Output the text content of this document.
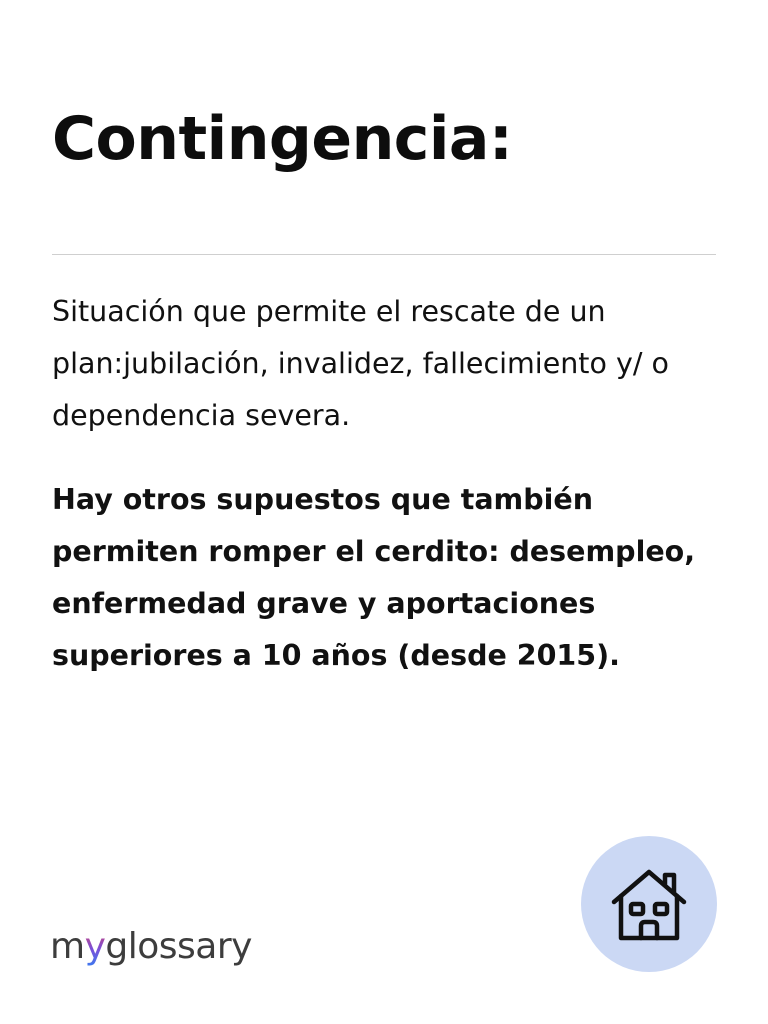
Contingencia:

Situación que permite el rescate de un plan:jubilación, invalidez, fallecimiento y/ o dependencia severa.

Hay otros supuestos que también permiten romper el cerdito: desempleo, enfermedad grave y aportaciones superiores a 10 años (desde 2015).

myglossary
